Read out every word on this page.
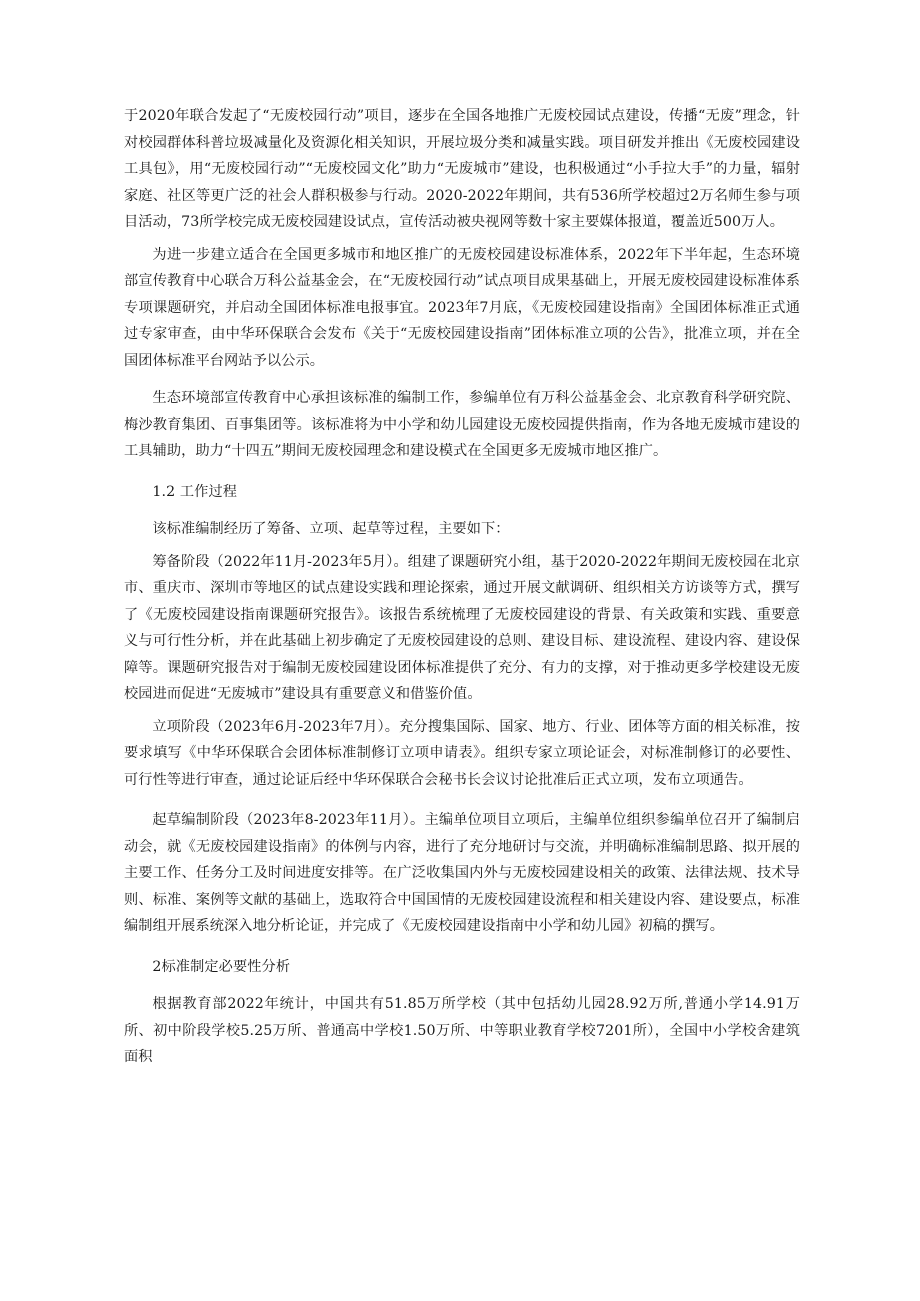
于2020年联合发起了“无废校园行动”项目，逐步在全国各地推广无废校园试点建设，传播“无废”理念，针对校园群体科普垃圾减量化及资源化相关知识，开展垃圾分类和减量实践。项目研发并推出《无废校园建设工具包》，用“无废校园行动”“无废校园文化”助力“无废城市”建设，也积极通过“小手拉大手”的力量，辐射家庭、社区等更广泛的社会人群积极参与行动。2020-2022年期间，共有536所学校超过2万名师生参与项目活动，73所学校完成无废校园建设试点，宣传活动被央视网等数十家主要媒体报道，覆盖近500万人。

为进一步建立适合在全国更多城市和地区推广的无废校园建设标准体系，2022年下半年起，生态环境部宣传教育中心联合万科公益基金会，在“无废校园行动”试点项目成果基础上，开展无废校园建设标准体系专项课题研究，并启动全国团体标准电报事宜。2023年7月底，《无废校园建设指南》全国团体标准正式通过专家审查，由中华环保联合会发布《关于“无废校园建设指南”团体标准立项的公告》，批准立项，并在全国团体标准平台网站予以公示。

生态环境部宣传教育中心承担该标准的编制工作，参编单位有万科公益基金会、北京教育科学研究院、梅沙教育集团、百事集团等。该标准将为中小学和幼儿园建设无废校园提供指南，作为各地无废城市建设的工具辅助，助力“十四五”期间无废校园理念和建设模式在全国更多无废城市地区推广。

1.2 工作过程

该标准编制经历了筹备、立项、起草等过程，主要如下：

筹备阶段（2022年11月-2023年5月）。组建了课题研究小组，基于2020-2022年期间无废校园在北京市、重庆市、深圳市等地区的试点建设实践和理论探索，通过开展文献调研、组织相关方访谈等方式，撰写了《无废校园建设指南课题研究报告》。该报告系统梳理了无废校园建设的背景、有关政策和实践、重要意义与可行性分析，并在此基础上初步确定了无废校园建设的总则、建设目标、建设流程、建设内容、建设保障等。课题研究报告对于编制无废校园建设团体标准提供了充分、有力的支撑，对于推动更多学校建设无废校园进而促进“无废城市”建设具有重要意义和借鉴价值。

立项阶段（2023年6月-2023年7月）。充分搜集国际、国家、地方、行业、团体等方面的相关标准，按要求填写《中华环保联合会团体标准制修订立项申请表》。组织专家立项论证会，对标准制修订的必要性、可行性等进行审查，通过论证后经中华环保联合会秘书长会议讨论批准后正式立项，发布立项通告。

起草编制阶段（2023年8-2023年11月）。主编单位项目立项后，主编单位组织参编单位召开了编制启动会，就《无废校园建设指南》的体例与内容，进行了充分地研讨与交流，并明确标准编制思路、拟开展的主要工作、任务分工及时间进度安排等。在广泛收集国内外与无废校园建设相关的政策、法律法规、技术导则、标准、案例等文献的基础上，选取符合中国国情的无废校园建设流程和相关建设内容、建设要点，标准编制组开展系统深入地分析论证，并完成了《无废校园建设指南中小学和幼儿园》初稿的撰写。

2标准制定必要性分析

根据教育部2022年统计，中国共有51.85万所学校（其中包括幼儿园28.92万所,普通小学14.91万所、初中阶段学校5.25万所、普通高中学校1.50万所、中等职业教育学校7201所），全国中小学校舍建筑面积
